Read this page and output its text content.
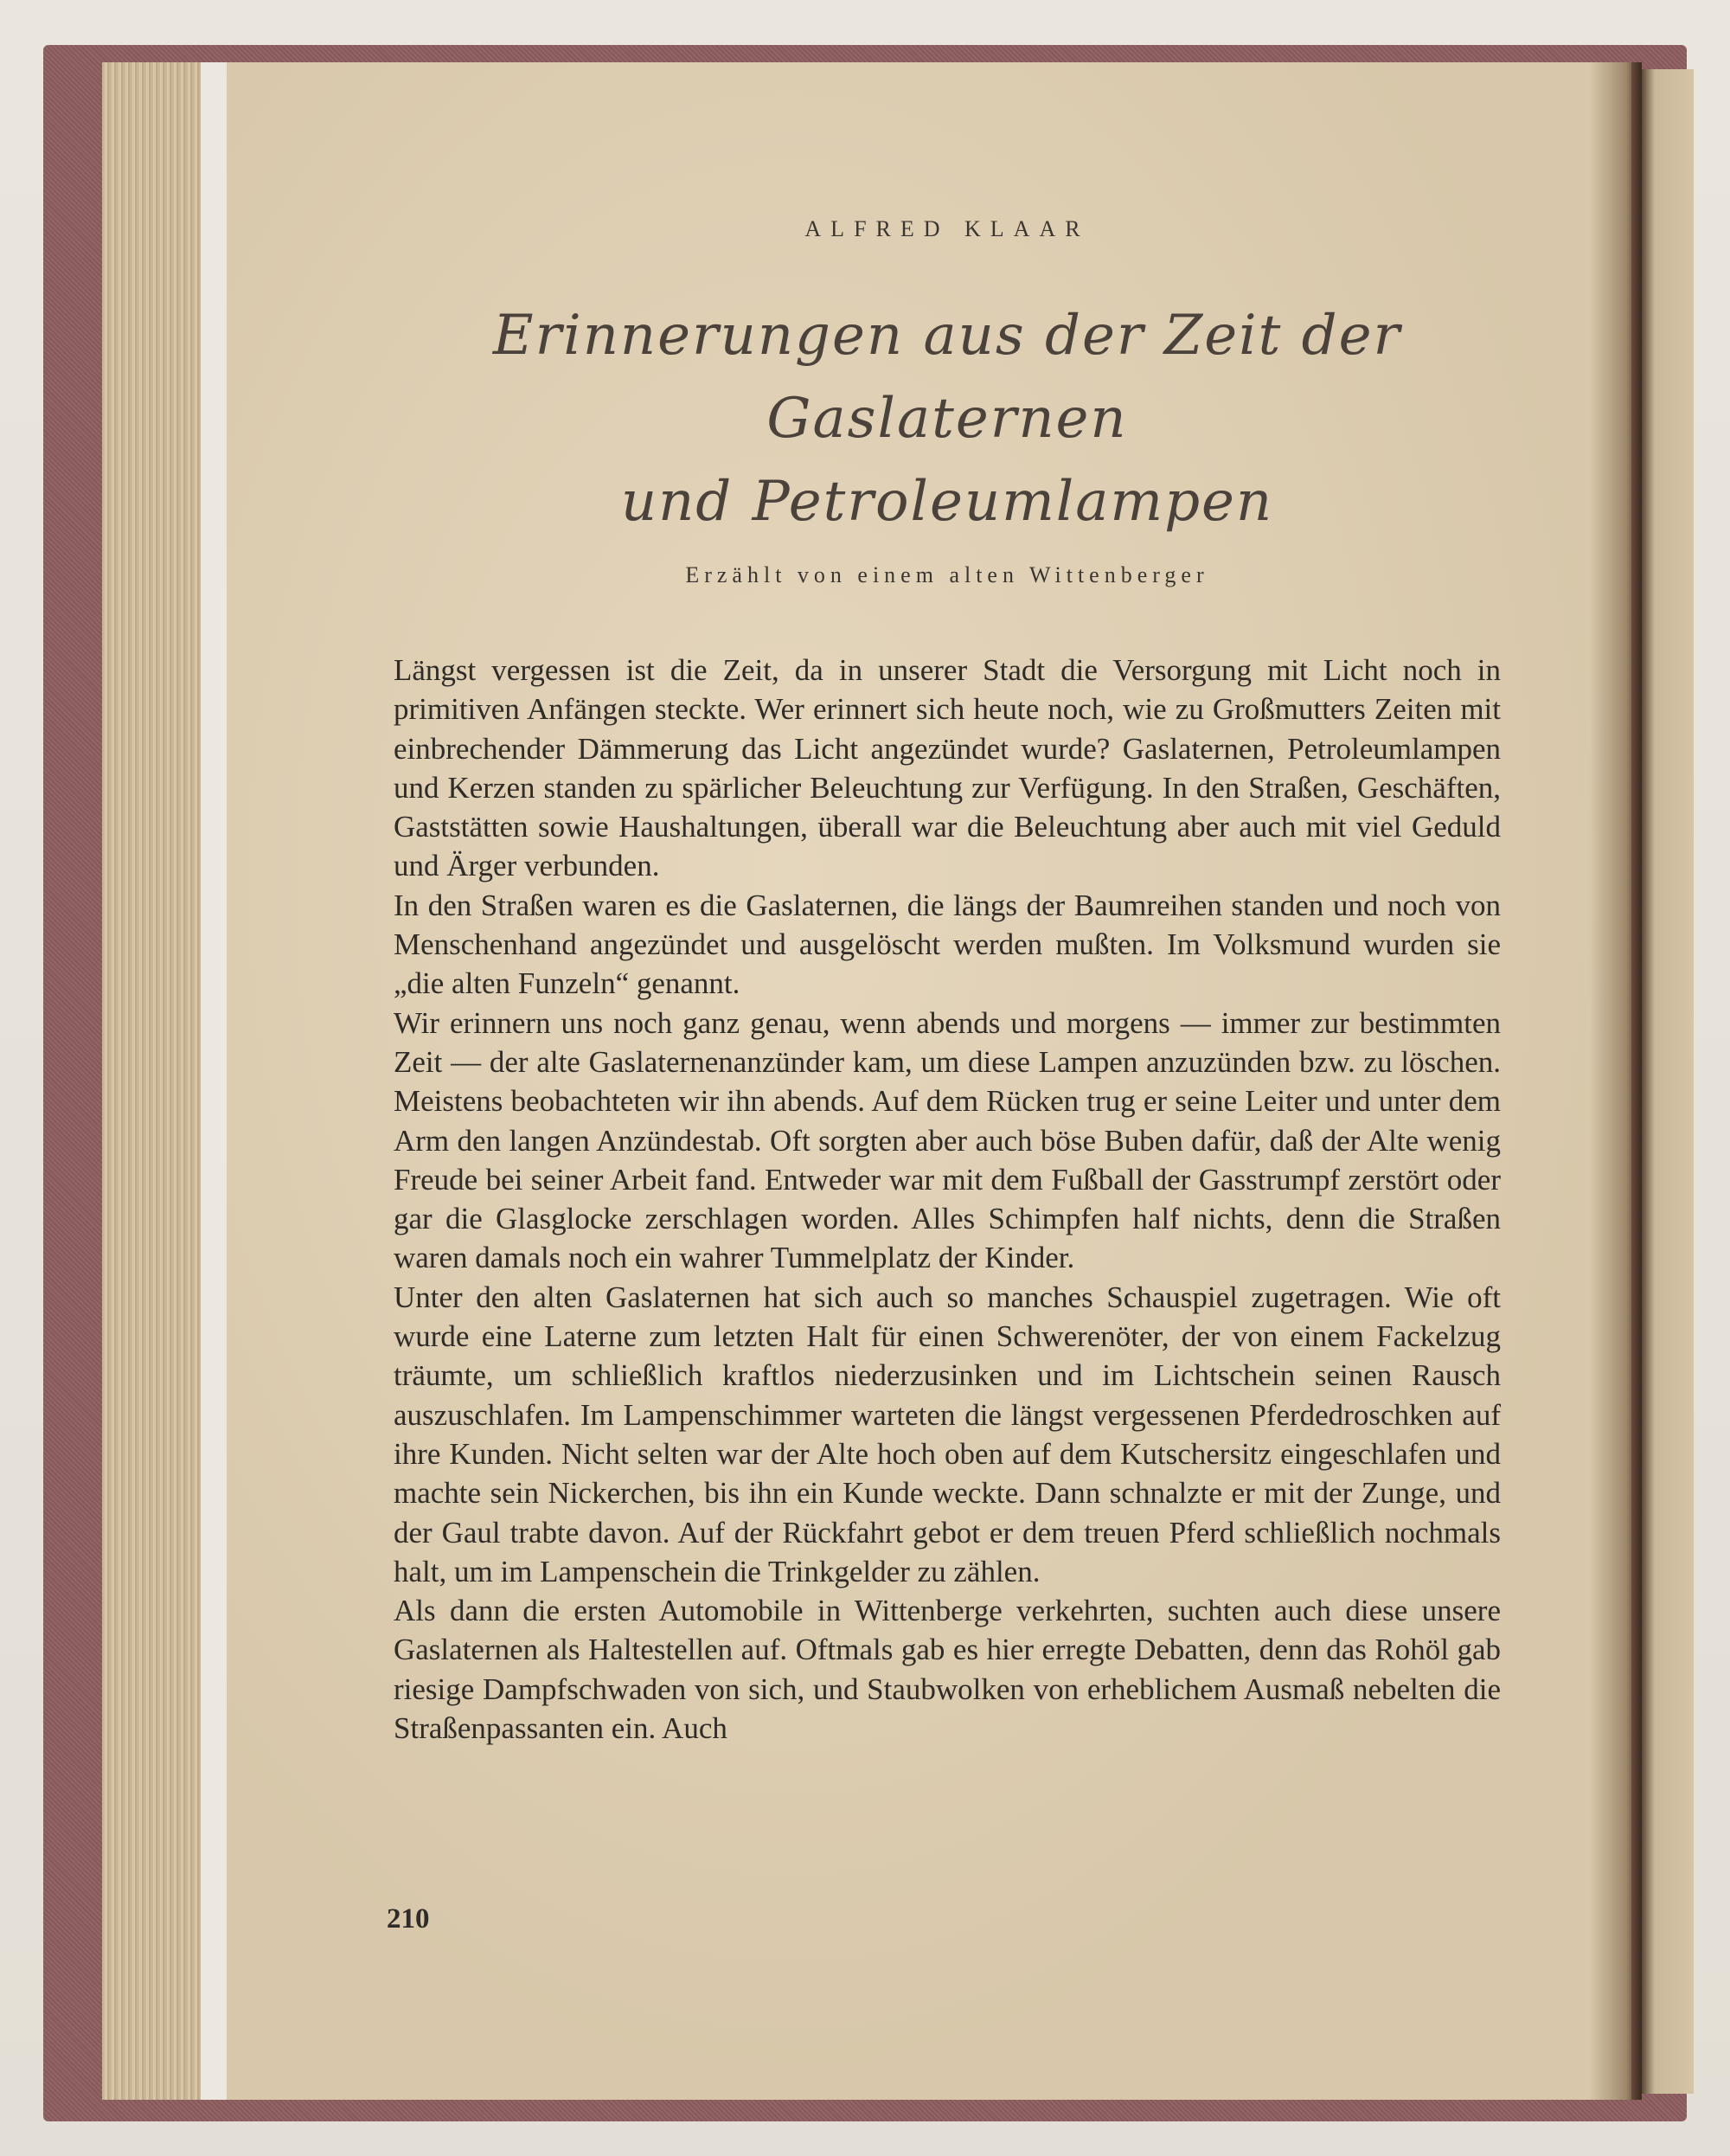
ALFRED KLAAR
Erinnerungen aus der Zeit der Gaslaternen
und Petroleumlampen
Erzählt von einem alten Wittenberger

Längst vergessen ist die Zeit, da in unserer Stadt die Versorgung mit Licht noch in primitiven Anfängen steckte. Wer erinnert sich heute noch, wie zu Großmutters Zeiten mit einbrechender Dämmerung das Licht angezündet wurde? Gaslaternen, Petroleumlampen und Kerzen standen zu spärlicher Beleuchtung zur Verfügung. In den Straßen, Geschäften, Gaststätten sowie Haushaltungen, überall war die Beleuchtung aber auch mit viel Geduld und Ärger verbunden.

In den Straßen waren es die Gaslaternen, die längs der Baumreihen standen und noch von Menschenhand angezündet und ausgelöscht werden mußten. Im Volksmund wurden sie „die alten Funzeln“ genannt.

Wir erinnern uns noch ganz genau, wenn abends und morgens — immer zur bestimmten Zeit — der alte Gaslaternenanzünder kam, um diese Lampen anzuzünden bzw. zu löschen. Meistens beobachteten wir ihn abends. Auf dem Rücken trug er seine Leiter und unter dem Arm den langen Anzündestab. Oft sorgten aber auch böse Buben dafür, daß der Alte wenig Freude bei seiner Arbeit fand. Entweder war mit dem Fußball der Gasstrumpf zerstört oder gar die Glasglocke zerschlagen worden. Alles Schimpfen half nichts, denn die Straßen waren damals noch ein wahrer Tummelplatz der Kinder.

Unter den alten Gaslaternen hat sich auch so manches Schauspiel zugetragen. Wie oft wurde eine Laterne zum letzten Halt für einen Schwerenöter, der von einem Fackelzug träumte, um schließlich kraftlos niederzusinken und im Lichtschein seinen Rausch auszuschlafen. Im Lampenschimmer warteten die längst vergessenen Pferdedroschken auf ihre Kunden. Nicht selten war der Alte hoch oben auf dem Kutschersitz eingeschlafen und machte sein Nickerchen, bis ihn ein Kunde weckte. Dann schnalzte er mit der Zunge, und der Gaul trabte davon. Auf der Rückfahrt gebot er dem treuen Pferd schließlich nochmals halt, um im Lampenschein die Trinkgelder zu zählen.

Als dann die ersten Automobile in Wittenberge verkehrten, suchten auch diese unsere Gaslaternen als Haltestellen auf. Oftmals gab es hier erregte Debatten, denn das Rohöl gab riesige Dampfschwaden von sich, und Staubwolken von erheblichem Ausmaß nebelten die Straßenpassanten ein. Auch

210
